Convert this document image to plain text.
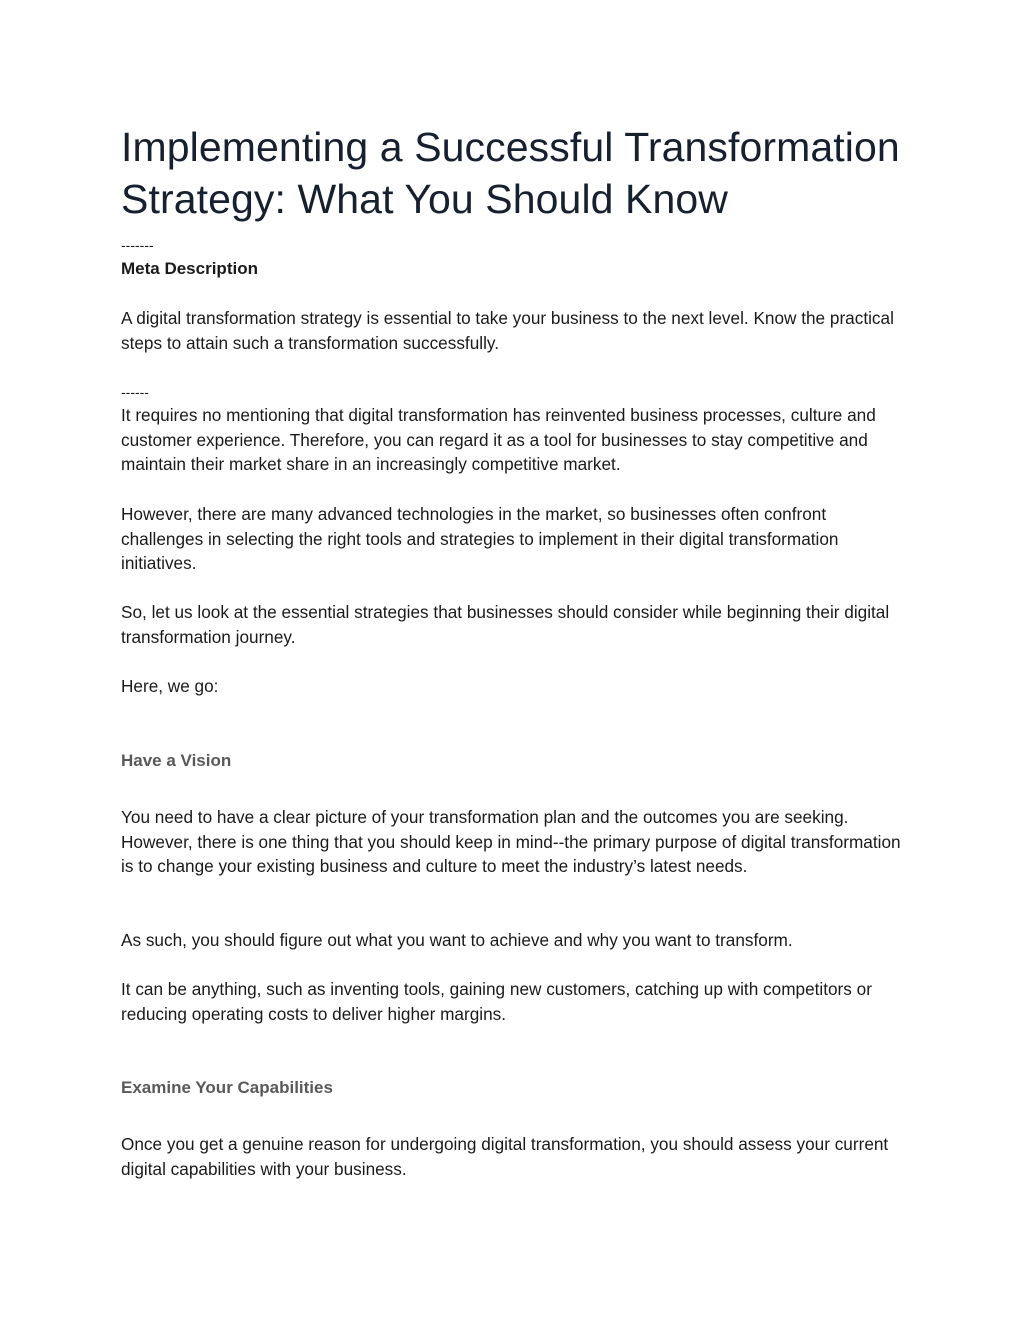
Implementing a Successful Transformation Strategy: What You Should Know
-------
Meta Description

A digital transformation strategy is essential to take your business to the next level. Know the practical steps to attain such a transformation successfully.

------

It requires no mentioning that digital transformation has reinvented business processes, culture and customer experience. Therefore, you can regard it as a tool for businesses to stay competitive and maintain their market share in an increasingly competitive market.

However, there are many advanced technologies in the market, so businesses often confront challenges in selecting the right tools and strategies to implement in their digital transformation initiatives.

So, let us look at the essential strategies that businesses should consider while beginning their digital transformation journey.

Here, we go:

Have a Vision

You need to have a clear picture of your transformation plan and the outcomes you are seeking. However, there is one thing that you should keep in mind--the primary purpose of digital transformation is to change your existing business and culture to meet the industry’s latest needs.

As such, you should figure out what you want to achieve and why you want to transform.

It can be anything, such as inventing tools, gaining new customers, catching up with competitors or reducing operating costs to deliver higher margins.

Examine Your Capabilities

Once you get a genuine reason for undergoing digital transformation, you should assess your current digital capabilities with your business.
